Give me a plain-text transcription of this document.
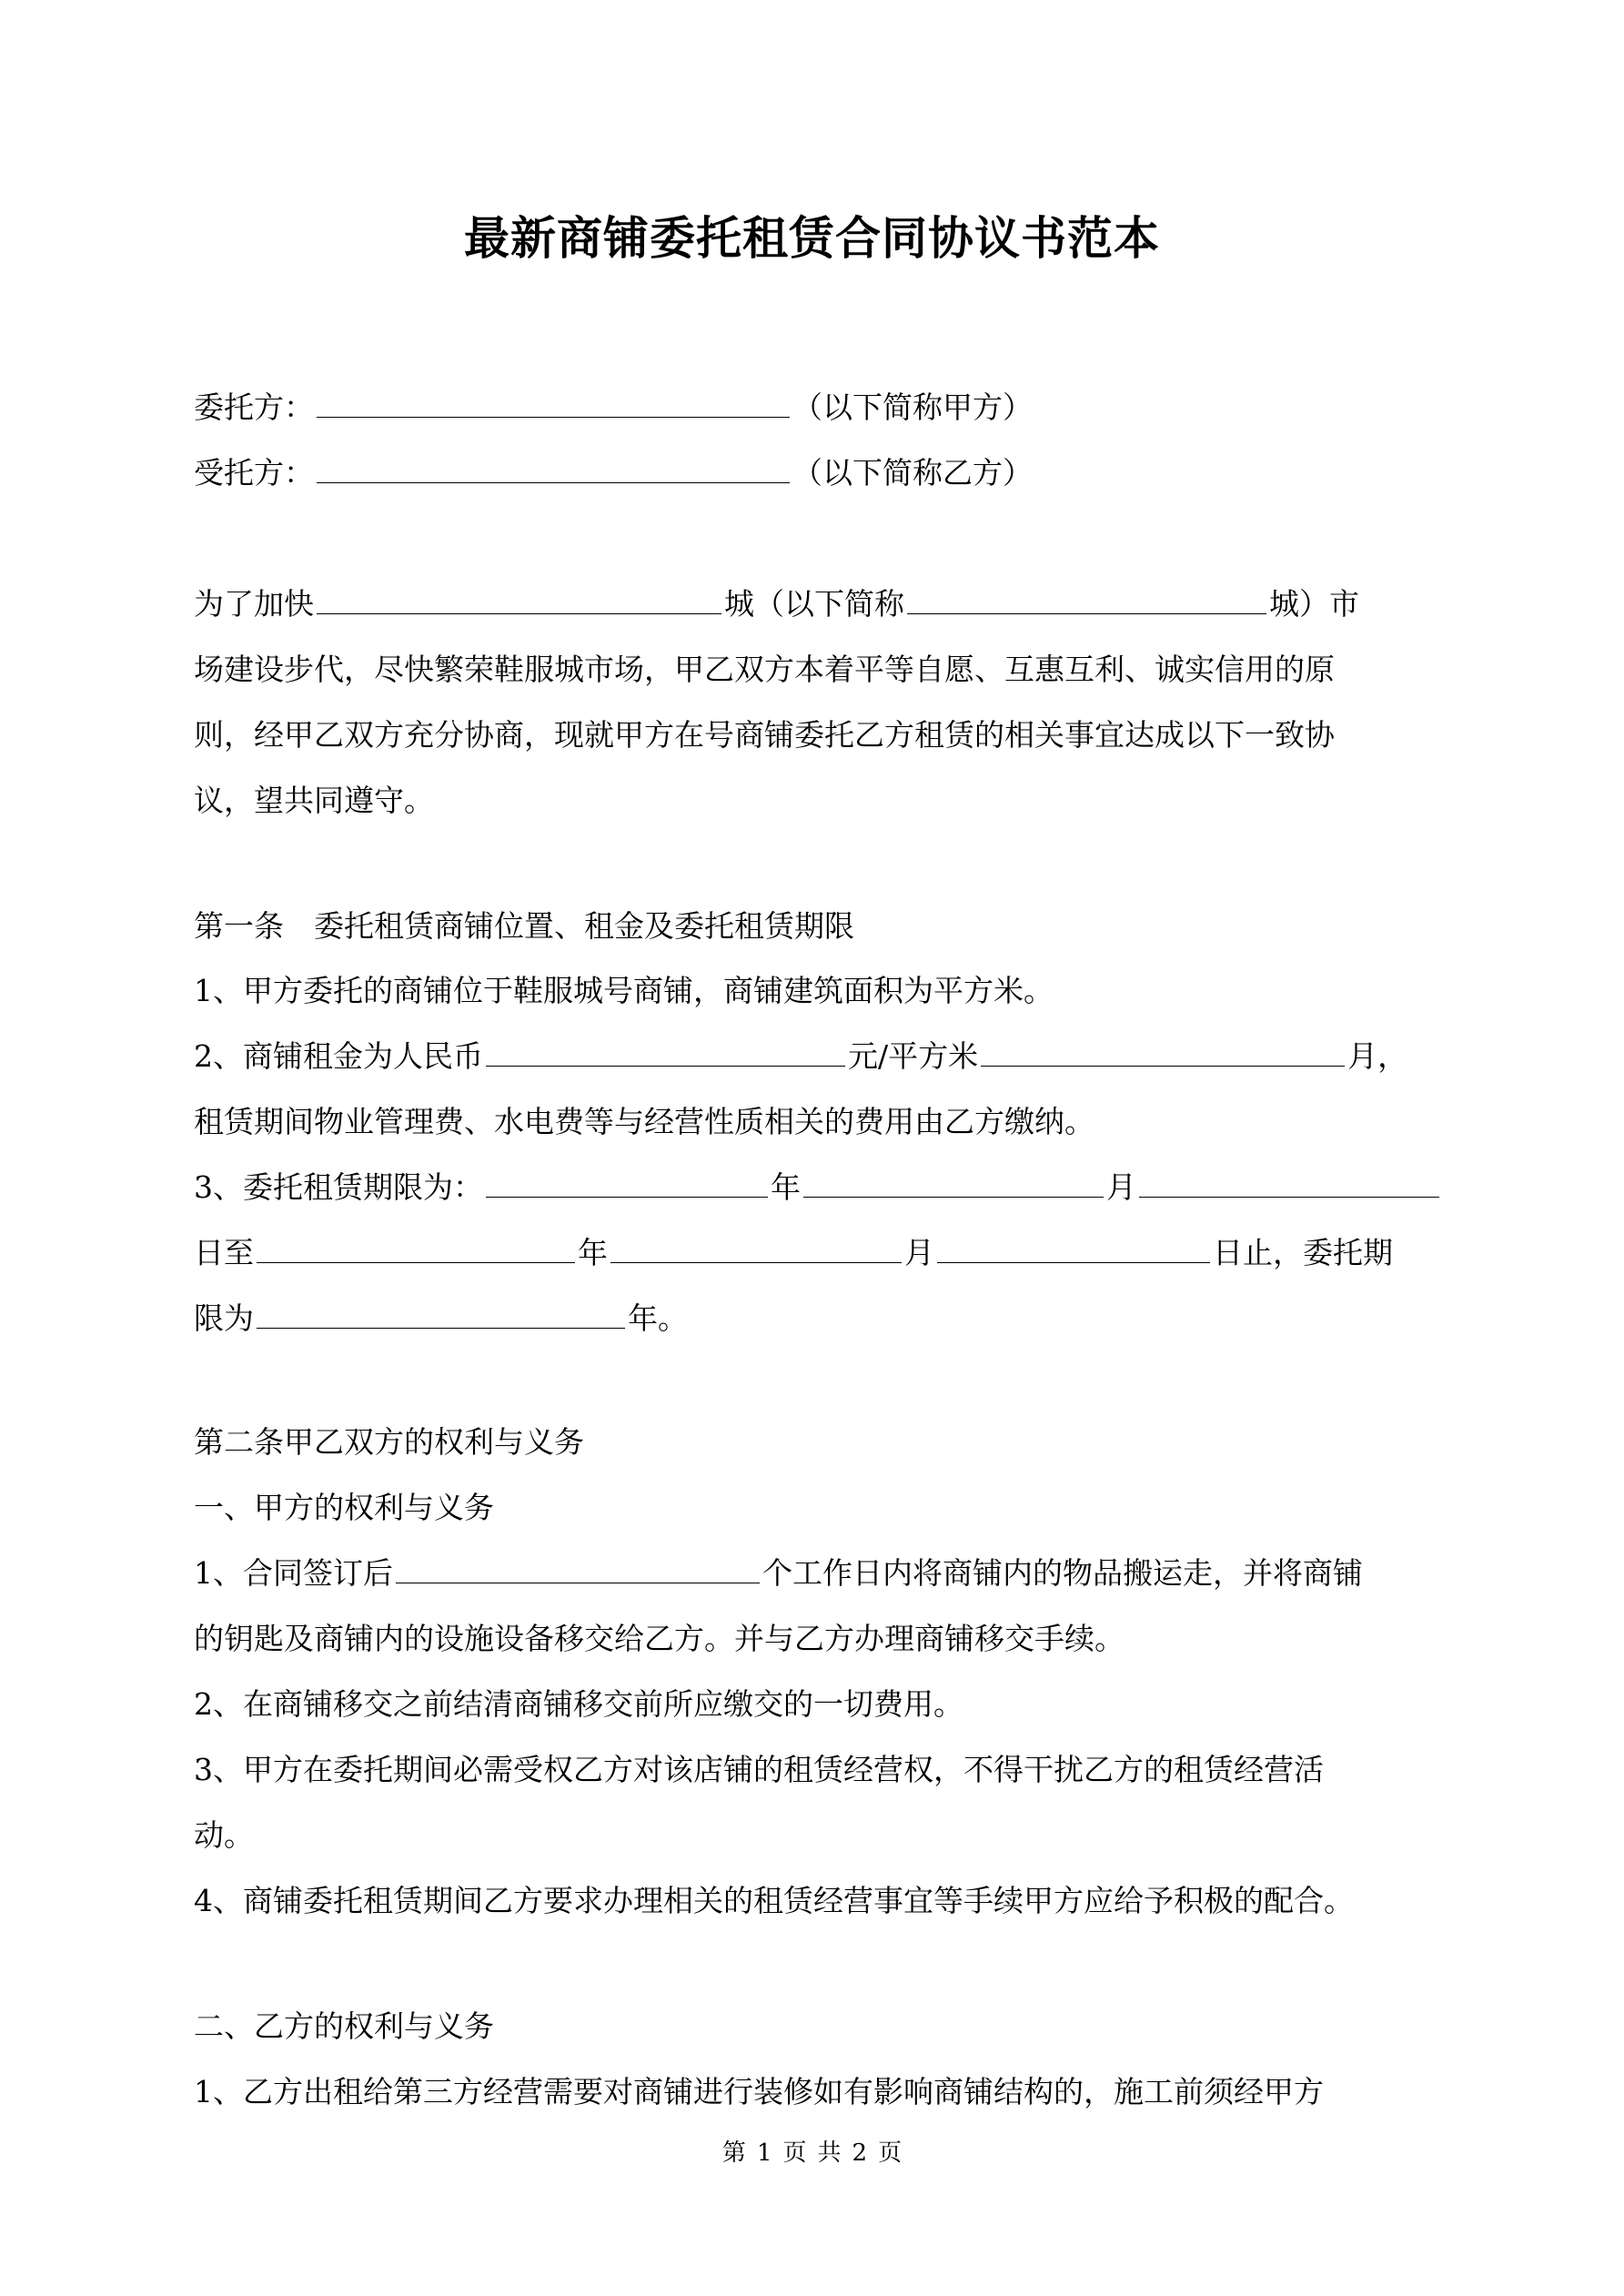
最新商铺委托租赁合同协议书范本
委托方：	（以下简称甲方）
受托方：	（以下简称乙方）
为了加快	城（以下简称	城）市
场建设步代，尽快繁荣鞋服城市场，甲乙双方本着平等自愿、互惠互利、诚实信用的原
则，经甲乙双方充分协商，现就甲方在号商铺委托乙方租赁的相关事宜达成以下一致协
议，望共同遵守。
第一条　委托租赁商铺位置、租金及委托租赁期限
1、甲方委托的商铺位于鞋服城号商铺，商铺建筑面积为平方米。
2、商铺租金为人民币	元/平方米	月，
租赁期间物业管理费、水电费等与经营性质相关的费用由乙方缴纳。
3、委托租赁期限为：	年	月
日至	年	月	日止，委托期
限为	年。
第二条甲乙双方的权利与义务
一、甲方的权利与义务
1、合同签订后	个工作日内将商铺内的物品搬运走，并将商铺
的钥匙及商铺内的设施设备移交给乙方。并与乙方办理商铺移交手续。
2、在商铺移交之前结清商铺移交前所应缴交的一切费用。
3、甲方在委托期间必需受权乙方对该店铺的租赁经营权，不得干扰乙方的租赁经营活
动。
4、商铺委托租赁期间乙方要求办理相关的租赁经营事宜等手续甲方应给予积极的配合。
二、乙方的权利与义务
1、乙方出租给第三方经营需要对商铺进行装修如有影响商铺结构的，施工前须经甲方
第 1 页 共 2 页
